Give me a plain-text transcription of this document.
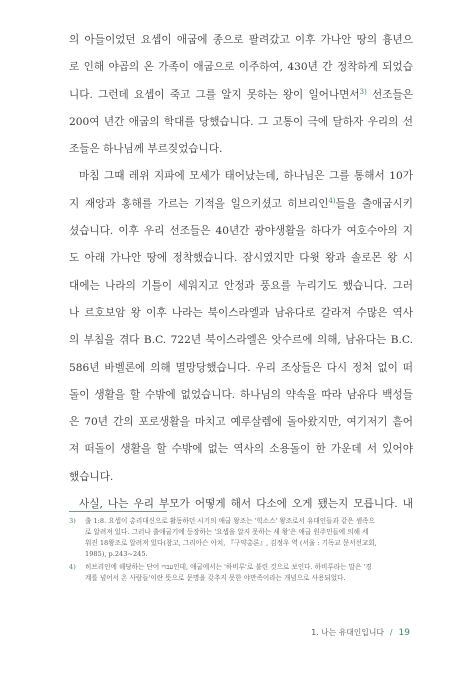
의 아들이었던 요셉이 애굽에 종으로 팔려갔고 이후 가나안 땅의 흉년으
로 인해 야곱의 온 가족이 애굽으로 이주하여, 430년 간 정착하게 되었습
니다. 그런데 요셉이 죽고 그를 알지 못하는 왕이 일어나면서$^{3)}$ 선조들은
200여 년간 애굽의 학대를 당했습니다. 그 고통이 극에 달하자 우리의 선
조들은 하나님께 부르짖었습니다.
마침 그때 레위 지파에 모세가 태어났는데, 하나님은 그를 통해서 10가
지 재앙과 홍해를 가르는 기적을 일으키셨고 히브리인$^{4)}$들을 출애굽시키
셨습니다. 이후 우리 선조들은 40년간 광야생활을 하다가 여호수아의 지
도 아래 가나안 땅에 정착했습니다. 잠시였지만 다윗 왕과 솔로몬 왕 시
대에는 나라의 기틀이 세워지고 안정과 풍요를 누리기도 했습니다. 그러
나 르호보암 왕 이후 나라는 북이스라엘과 남유다로 갈라져 수많은 역사
의 부침을 겪다 B.C. 722년 북이스라엘은 앗수르에 의해, 남유다는 B.C.
586년 바벨론에 의해 멸망당했습니다. 우리 조상들은 다시 정처 없이 떠
돌이 생활을 할 수밖에 없었습니다. 하나님의 약속을 따라 남유다 백성들
은 70년 간의 포로생활을 마치고 예루살렘에 돌아왔지만, 여기저기 흩어
져 떠돌이 생활을 할 수밖에 없는 역사의 소용돌이 한 가운데 서 있어야
했습니다.
사실, 나는 우리 부모가 어떻게 해서 다소에 오게 됐는지 모릅니다. 내
3)	출 1:8. 요셉이 총리대신으로 활동하던 시기의 애굽 왕조는 '힉소스' 왕조로서 유대인들과 같은 셈족으
로 알려져 있다. 그러나 출애굽기에 등장하는 '요셉을 알지 못하는 새 왕'은 애굽 원주민들에 의해 세
워진 18왕조로 알려져 있다(참고, 그리아슨 아치, 『구약총론』, 김정우 역 (서울 : 기독교 문서선교회,
1985), p.243~245.
4)	히브리인에 해당하는 단어 עברי인데, 애굽에서는 '하비루'로 불린 것으로 보인다. 하비루라는 말은 '경
계를 넘어서 온 사람들'이란 뜻으로 문명을 갖추지 못한 야만족이라는 개념으로 사용되었다.
1. 나는 유대인입니다 / 19
